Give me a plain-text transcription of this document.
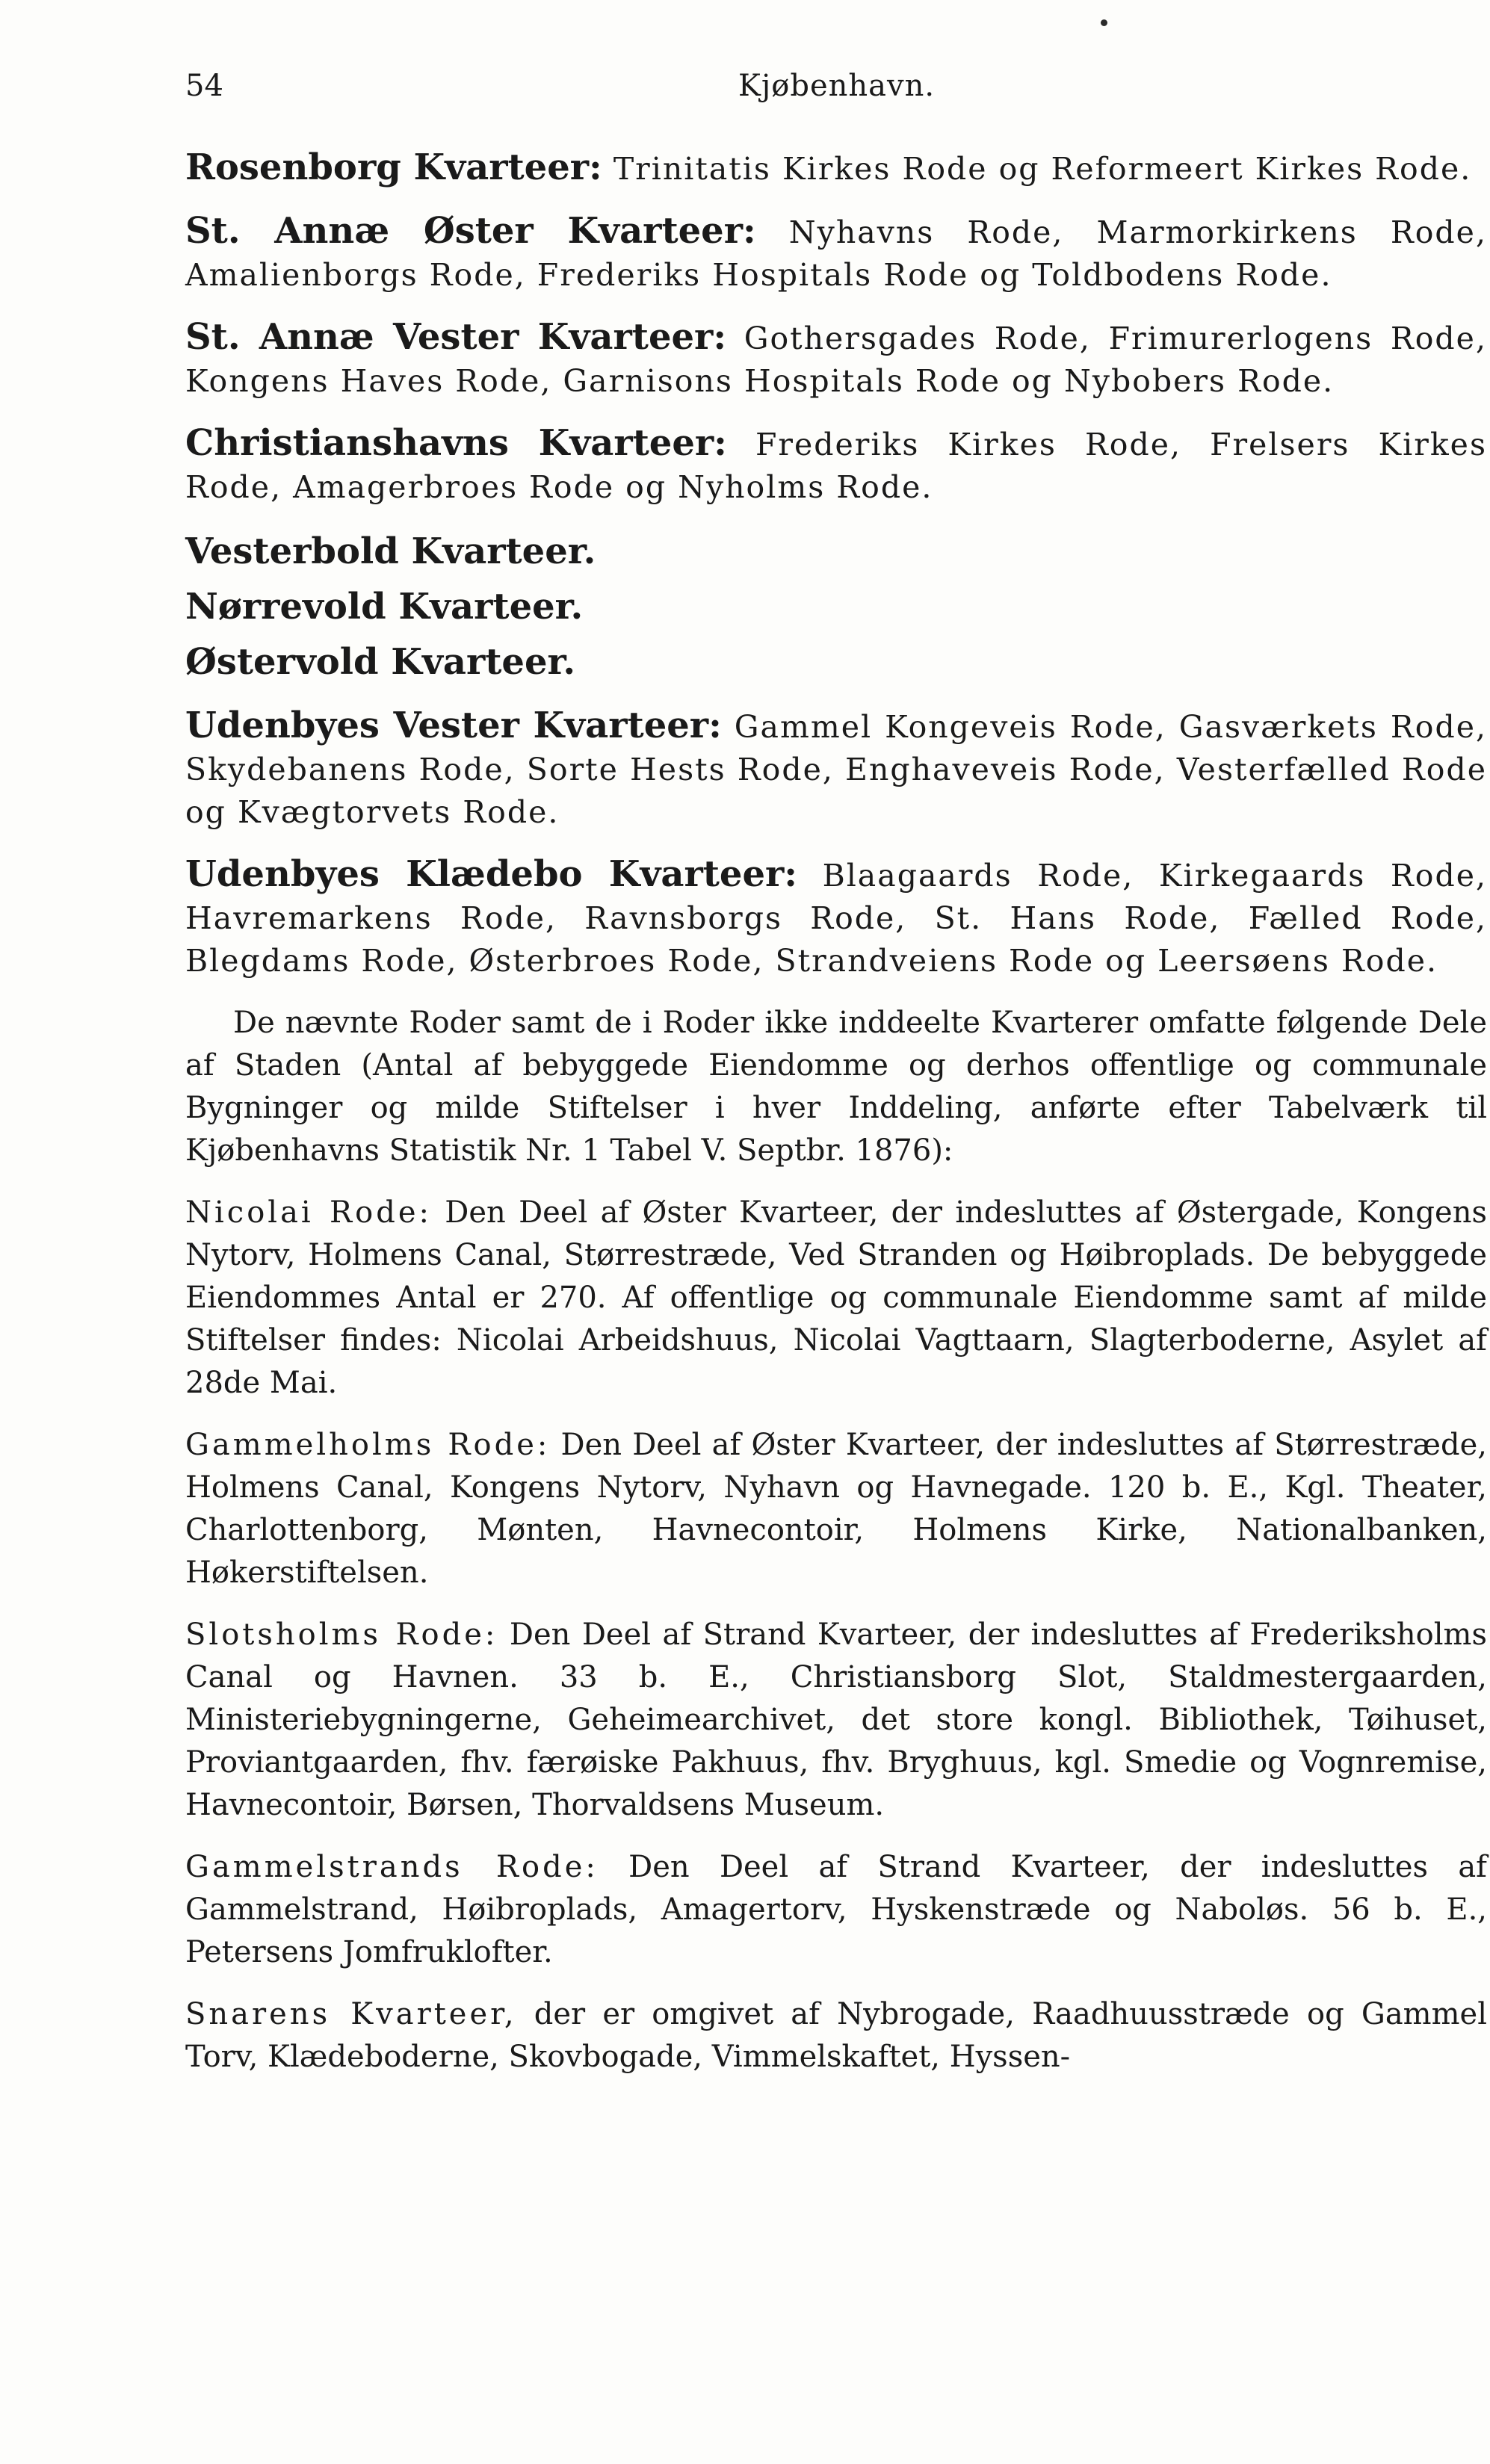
54	Kjøbenhavn.

Rosenborg Kvarteer: Trinitatis Kirkes Rode og Reformeert Kirkes Rode.

St. Annæ Øster Kvarteer: Nyhavns Rode, Marmorkirkens Rode, Amalienborgs Rode, Frederiks Hospitals Rode og Toldbodens Rode.

St. Annæ Vester Kvarteer: Gothersgades Rode, Frimurerlogens Rode, Kongens Haves Rode, Garnisons Hospitals Rode og Nybobers Rode.

Christianshavns Kvarteer: Frederiks Kirkes Rode, Frelsers Kirkes Rode, Amagerbroes Rode og Nyholms Rode.

Vesterbold Kvarteer.
Nørrevold Kvarteer.
Østervold Kvarteer.

Udenbyes Vester Kvarteer: Gammel Kongeveis Rode, Gasværkets Rode, Skydebanens Rode, Sorte Hests Rode, Enghaveveis Rode, Vesterfælled Rode og Kvægtorvets Rode.

Udenbyes Klædebo Kvarteer: Blaagaards Rode, Kirkegaards Rode, Havremarkens Rode, Ravnsborgs Rode, St. Hans Rode, Fælled Rode, Blegdams Rode, Østerbroes Rode, Strandveiens Rode og Leersøens Rode.

De nævnte Roder samt de i Roder ikke inddeelte Kvarterer omfatte følgende Dele af Staden (Antal af bebyggede Eiendomme og derhos offentlige og communale Bygninger og milde Stiftelser i hver Inddeling, anførte efter Tabelværk til Kjøbenhavns Statistik Nr. 1 Tabel V. Septbr. 1876):

Nicolai Rode: Den Deel af Øster Kvarteer, der indesluttes af Østergade, Kongens Nytorv, Holmens Canal, Størrestræde, Ved Stranden og Høibroplads. De bebyggede Eiendommes Antal er 270. Af offentlige og communale Eiendomme samt af milde Stiftelser findes: Nicolai Arbeidshuus, Nicolai Vagttaarn, Slagterboderne, Asylet af 28de Mai.

Gammelholms Rode: Den Deel af Øster Kvarteer, der indesluttes af Størrestræde, Holmens Canal, Kongens Nytorv, Nyhavn og Havnegade. 120 b. E., Kgl. Theater, Charlottenborg, Mønten, Havnecontoir, Holmens Kirke, Nationalbanken, Høkerstiftelsen.

Slotsholms Rode: Den Deel af Strand Kvarteer, der indesluttes af Frederiksholms Canal og Havnen. 33 b. E., Christiansborg Slot, Staldmestergaarden, Ministeriebygningerne, Geheimearchivet, det store kongl. Bibliothek, Tøihuset, Proviantgaarden, fhv. færøiske Pakhuus, fhv. Bryghuus, kgl. Smedie og Vognremise, Havnecontoir, Børsen, Thorvaldsens Museum.

Gammelstrands Rode: Den Deel af Strand Kvarteer, der indesluttes af Gammelstrand, Høibroplads, Amagertorv, Hyskenstræde og Naboløs. 56 b. E., Petersens Jomfruklofter.

Snarens Kvarteer, der er omgivet af Nybrogade, Raadhuusstræde og Gammel Torv, Klædeboderne, Skovbogade, Vimmelskaftet, Hyssen-
